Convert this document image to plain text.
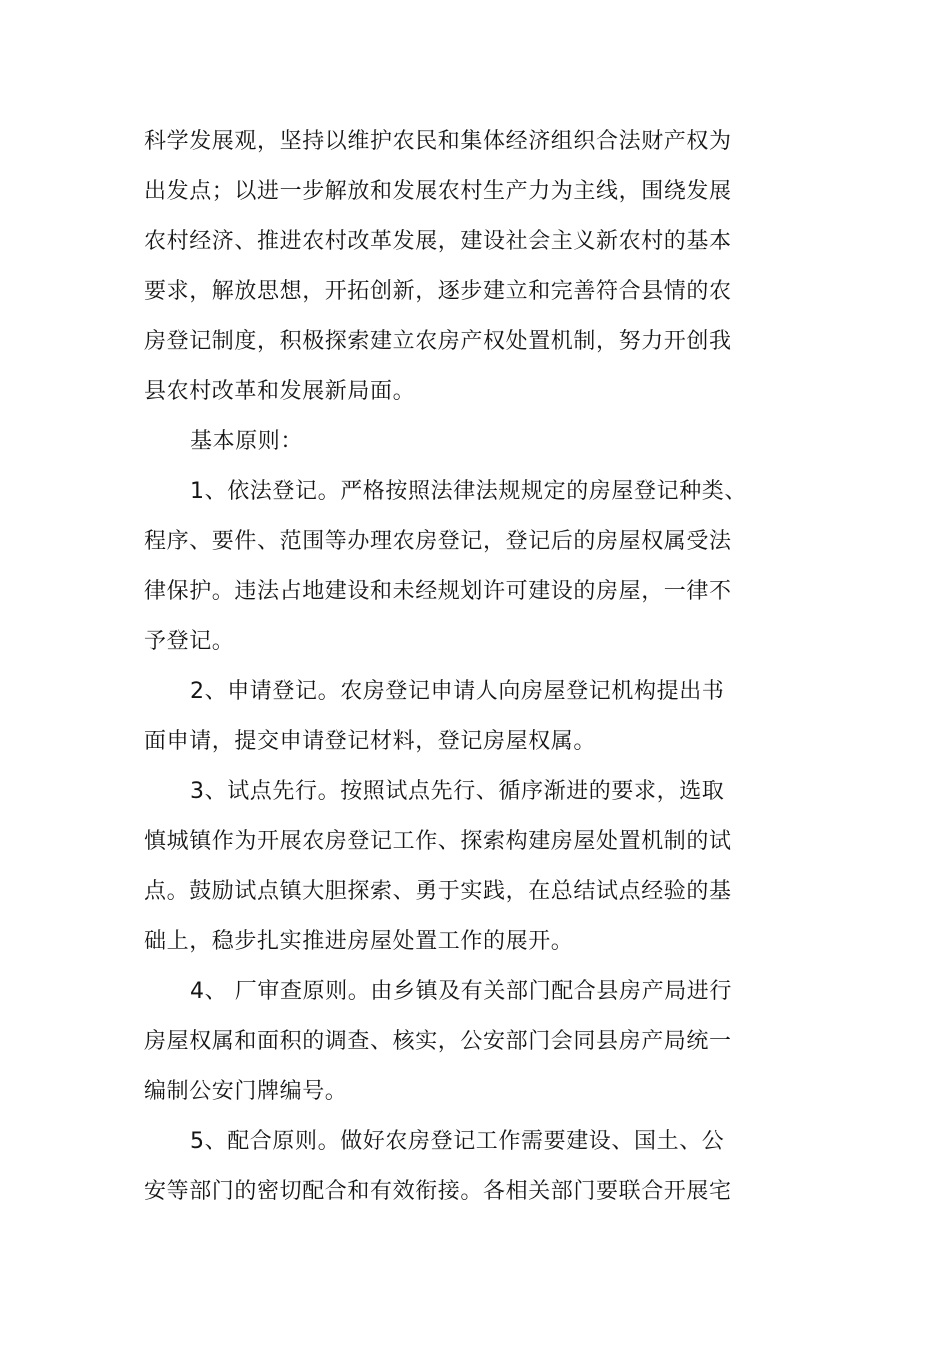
科学发展观，坚持以维护农民和集体经济组织合法财产权为
出发点；以进一步解放和发展农村生产力为主线，围绕发展
农村经济、推进农村改革发展，建设社会主义新农村的基本
要求，解放思想，开拓创新，逐步建立和完善符合县情的农
房登记制度，积极探索建立农房产权处置机制，努力开创我
县农村改革和发展新局面。
基本原则：
1、依法登记。严格按照法律法规规定的房屋登记种类、
程序、要件、范围等办理农房登记，登记后的房屋权属受法
律保护。违法占地建设和未经规划许可建设的房屋，一律不
予登记。
2、申请登记。农房登记申请人向房屋登记机构提出书
面申请，提交申请登记材料，登记房屋权属。
3、试点先行。按照试点先行、循序渐进的要求，选取
慎城镇作为开展农房登记工作、探索构建房屋处置机制的试
点。鼓励试点镇大胆探索、勇于实践，在总结试点经验的基
础上，稳步扎实推进房屋处置工作的展开。
4、 厂审查原则。由乡镇及有关部门配合县房产局进行
房屋权属和面积的调查、核实，公安部门会同县房产局统一
编制公安门牌编号。
5、配合原则。做好农房登记工作需要建设、国土、公
安等部门的密切配合和有效衔接。各相关部门要联合开展宅
